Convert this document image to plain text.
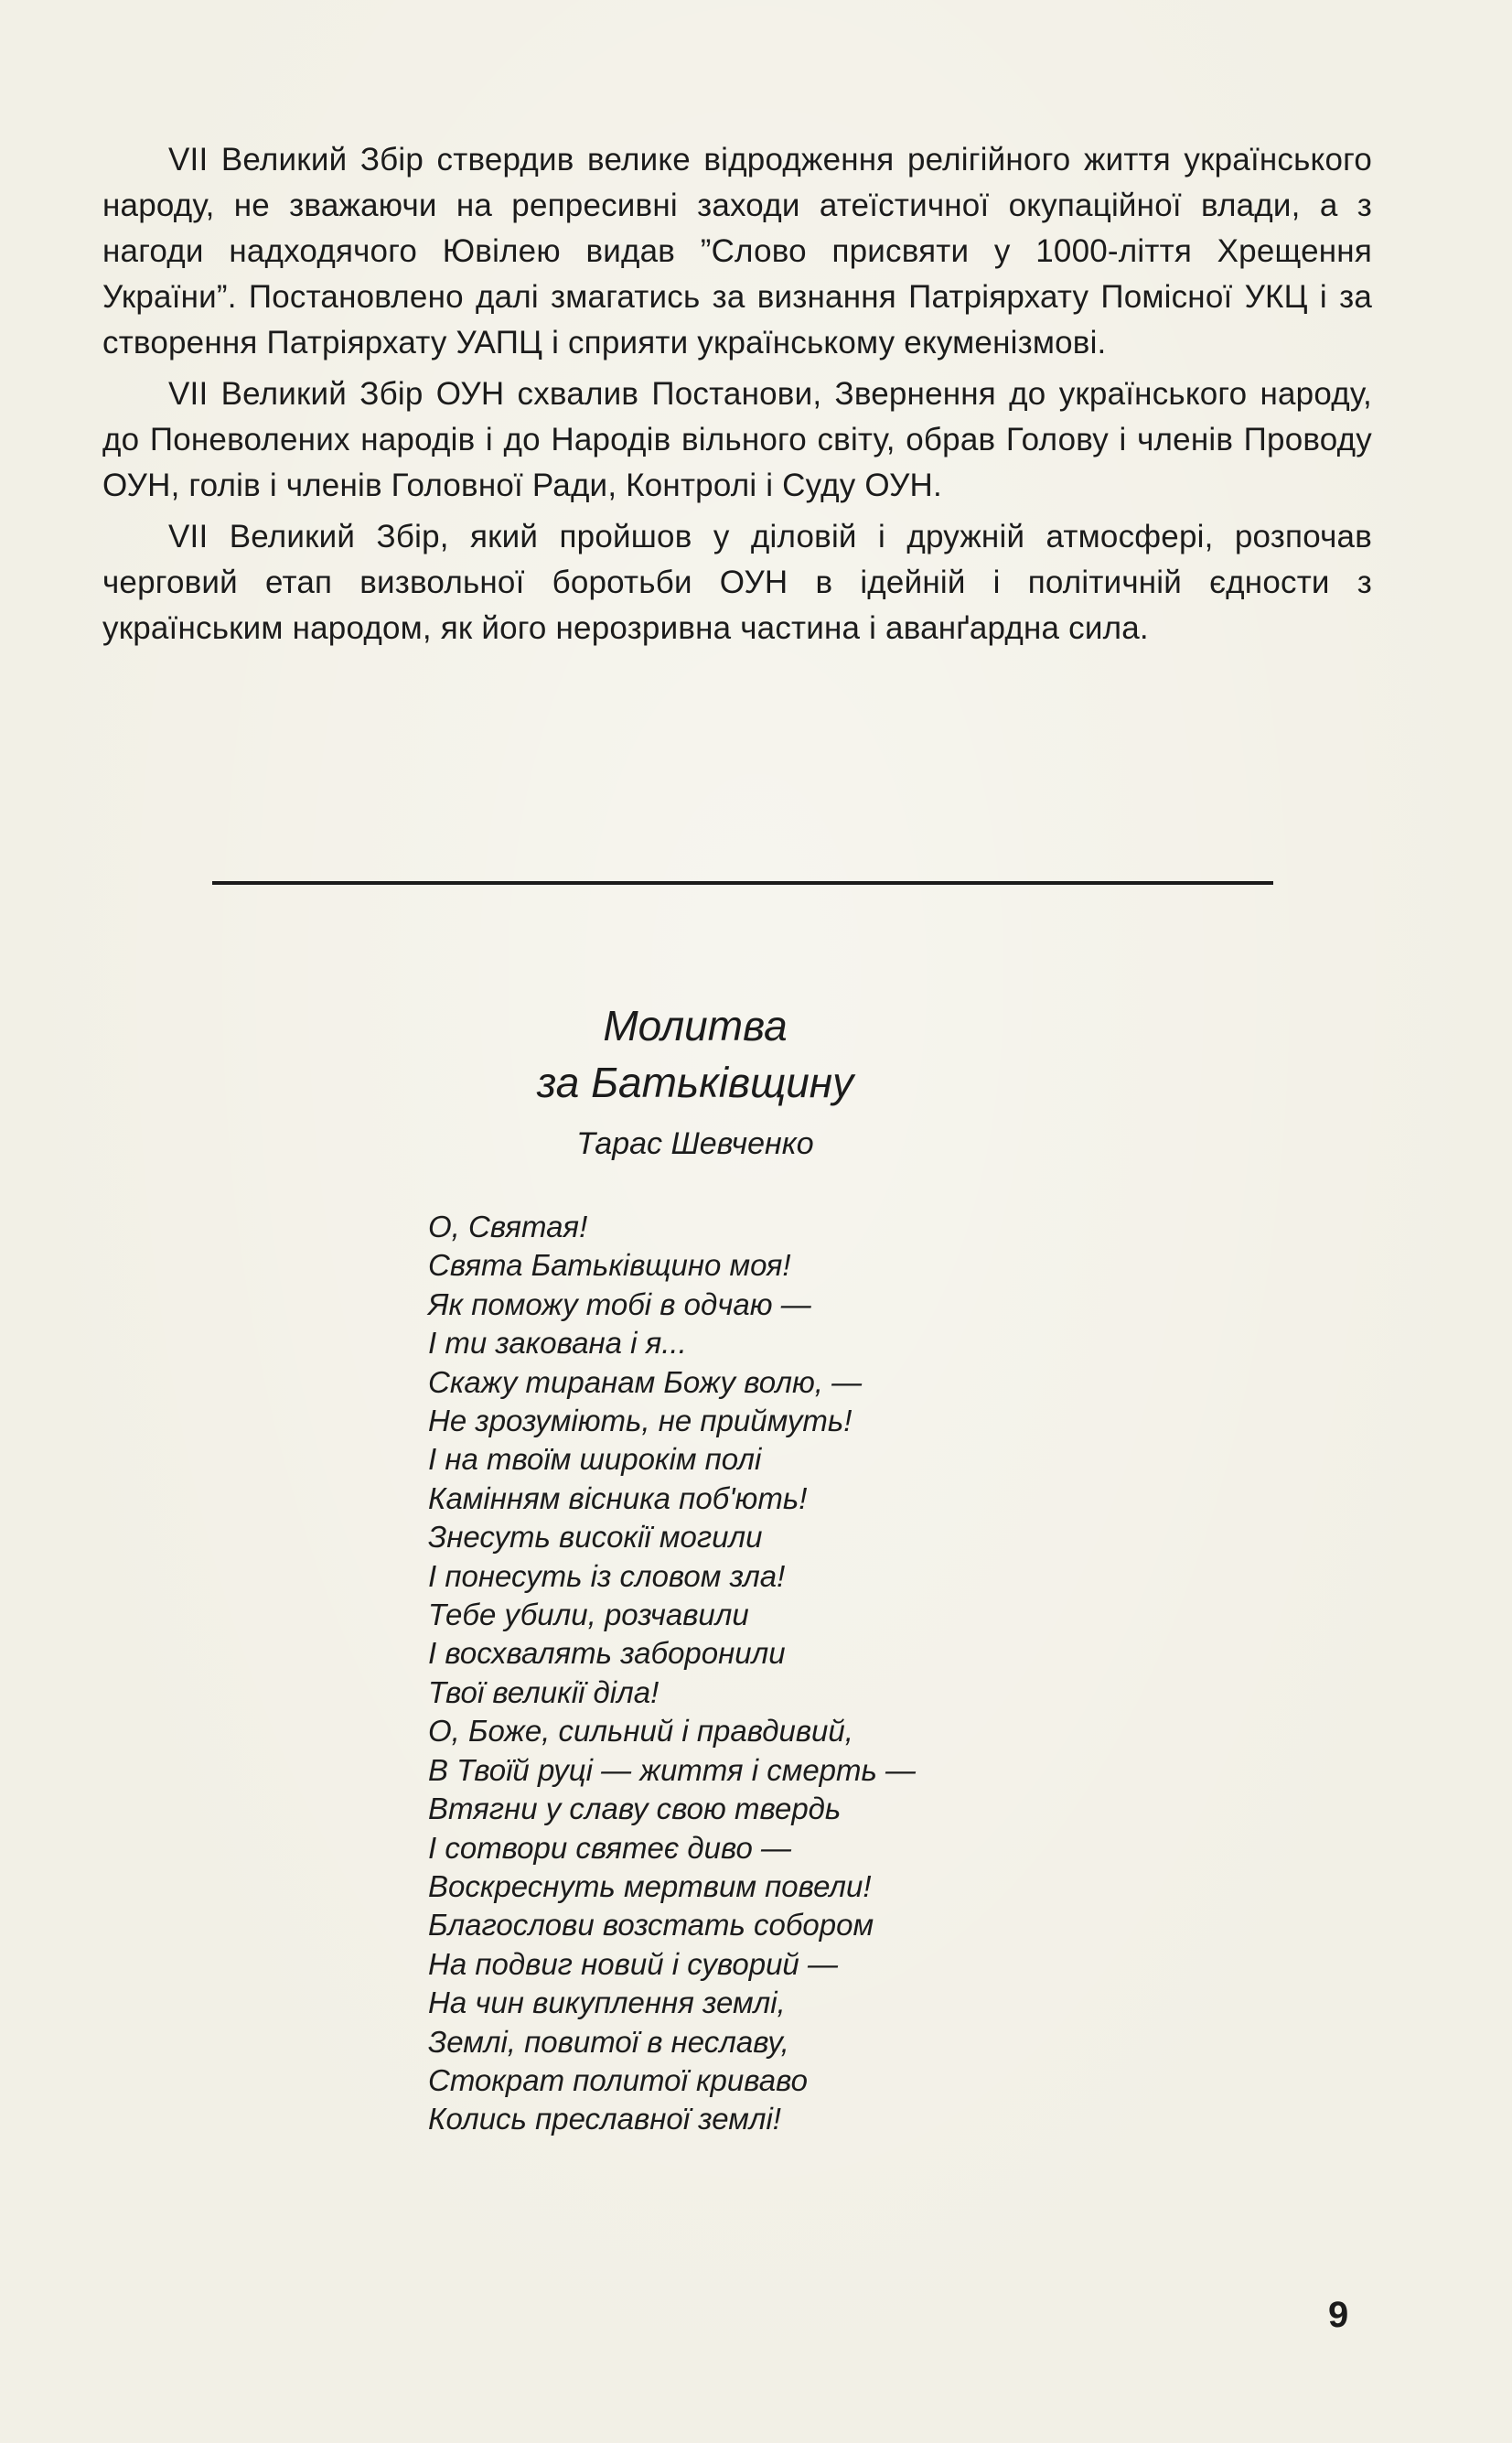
VII Великий Збір ствердив велике відродження релігійного життя українського народу, не зважаючи на репресивні заходи атеїстичної окупаційної влади, а з нагоди надходячого Ювілею видав ”Слово присвяти у 1000-ліття Хрещення України”. Постановлено далі змагатись за визнання Патріярхату Помісної УКЦ і за створення Патріярхату УАПЦ і сприяти українському екуменізмові.

VII Великий Збір ОУН схвалив Постанови, Звернення до українського народу, до Поневолених народів і до Народів вільного світу, обрав Голову і членів Проводу ОУН, голів і членів Головної Ради, Контролі і Суду ОУН.

VII Великий Збір, який пройшов у діловій і дружній атмосфері, розпочав черговий етап визвольної боротьби ОУН в ідейній і політичній єдности з українським народом, як його нерозривна частина і аванґардна сила.

Молитва
за Батьківщину
Тарас Шевченко
О, Святая!
Свята Батьківщино моя!
Як поможу тобі в одчаю —
І ти закована і я...
Скажу тиранам Божу волю, —
Не зрозуміють, не приймуть!
І на твоїм широкім полі
Камінням вісника поб'ють!
Знесуть високії могили
І понесуть із словом зла!
Тебе убили, розчавили
І восхвалять заборонили
Твої великії діла!
О, Боже, сильний і правдивий,
В Твоїй руці — життя і смерть —
Втягни у славу свою твердь
І сотвори святеє диво —
Воскреснуть мертвим повели!
Благослови возстать собором
На подвиг новий і суворий —
На чин викуплення землі,
Землі, повитої в неславу,
Стократ политої криваво
Колись преславної землі!
9
